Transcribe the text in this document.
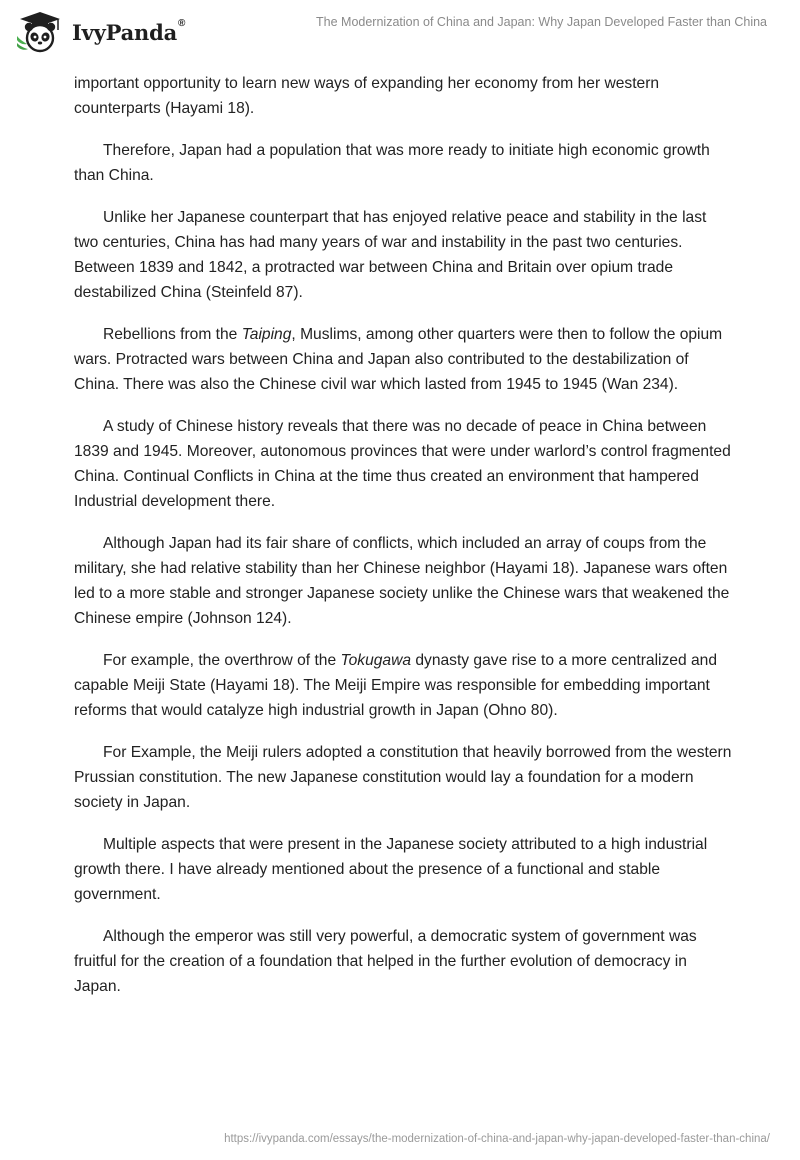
IvyPanda®	The Modernization of China and Japan: Why Japan Developed Faster than China

important opportunity to learn new ways of expanding her economy from her western counterparts (Hayami 18).

Therefore, Japan had a population that was more ready to initiate high economic growth than China.

Unlike her Japanese counterpart that has enjoyed relative peace and stability in the last two centuries, China has had many years of war and instability in the past two centuries. Between 1839 and 1842, a protracted war between China and Britain over opium trade destabilized China (Steinfeld 87).

Rebellions from the Taiping, Muslims, among other quarters were then to follow the opium wars. Protracted wars between China and Japan also contributed to the destabilization of China. There was also the Chinese civil war which lasted from 1945 to 1945 (Wan 234).

A study of Chinese history reveals that there was no decade of peace in China between 1839 and 1945. Moreover, autonomous provinces that were under warlord’s control fragmented China. Continual Conflicts in China at the time thus created an environment that hampered Industrial development there.

Although Japan had its fair share of conflicts, which included an array of coups from the military, she had relative stability than her Chinese neighbor (Hayami 18). Japanese wars often led to a more stable and stronger Japanese society unlike the Chinese wars that weakened the Chinese empire (Johnson 124).

For example, the overthrow of the Tokugawa dynasty gave rise to a more centralized and capable Meiji State (Hayami 18). The Meiji Empire was responsible for embedding important reforms that would catalyze high industrial growth in Japan (Ohno 80).

For Example, the Meiji rulers adopted a constitution that heavily borrowed from the western Prussian constitution. The new Japanese constitution would lay a foundation for a modern society in Japan.

Multiple aspects that were present in the Japanese society attributed to a high industrial growth there. I have already mentioned about the presence of a functional and stable government.

Although the emperor was still very powerful, a democratic system of government was fruitful for the creation of a foundation that helped in the further evolution of democracy in Japan.

https://ivypanda.com/essays/the-modernization-of-china-and-japan-why-japan-developed-faster-than-china/
